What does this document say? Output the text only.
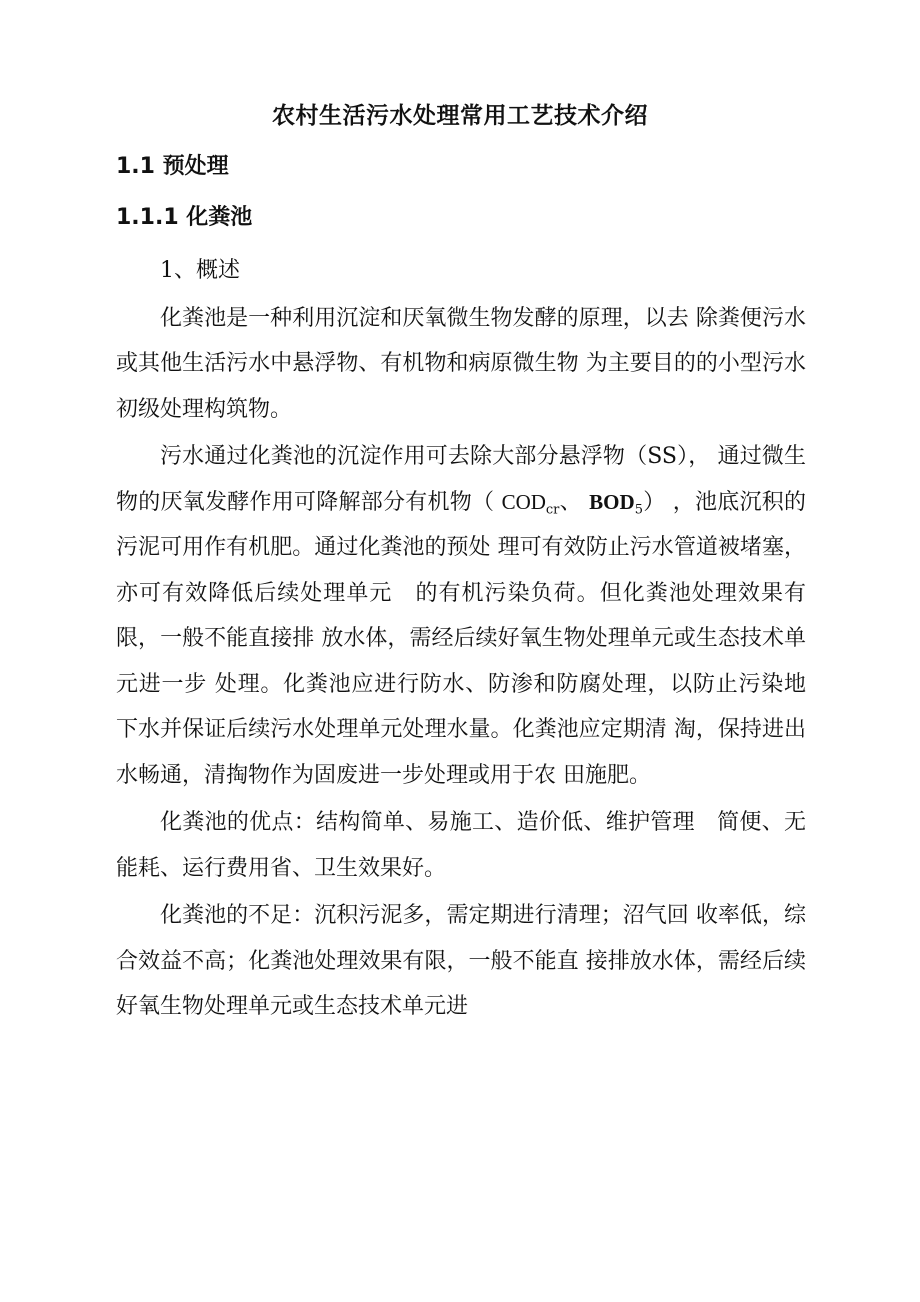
农村生活污水处理常用工艺技术介绍
1.1 预处理
1.1.1 化粪池

1、概述

化粪池是一种利用沉淀和厌氧微生物发酵的原理，以去 除粪便污水或其他生活污水中悬浮物、有机物和病原微生物 为主要目的的小型污水初级处理构筑物。

污水通过化粪池的沉淀作用可去除大部分悬浮物（SS）， 通过微生物的厌氧发酵作用可降解部分有机物（ $COD_{cr}$、 $BOD_5$） ，池底沉积的污泥可用作有机肥。通过化粪池的预处 理可有效防止污水管道被堵塞，亦可有效降低后续处理单元　的有机污染负荷。但化粪池处理效果有限，一般不能直接排 放水体，需经后续好氧生物处理单元或生态技术单元进一步 处理。化粪池应进行防水、防渗和防腐处理，以防止污染地 下水并保证后续污水处理单元处理水量。化粪池应定期清 淘，保持进出水畅通，清掏物作为固废进一步处理或用于农 田施肥。

化粪池的优点：结构简单、易施工、造价低、维护管理　简便、无能耗、运行费用省、卫生效果好。

化粪池的不足：沉积污泥多，需定期进行清理；沼气回 收率低，综合效益不高；化粪池处理效果有限，一般不能直 接排放水体，需经后续好氧生物处理单元或生态技术单元进
